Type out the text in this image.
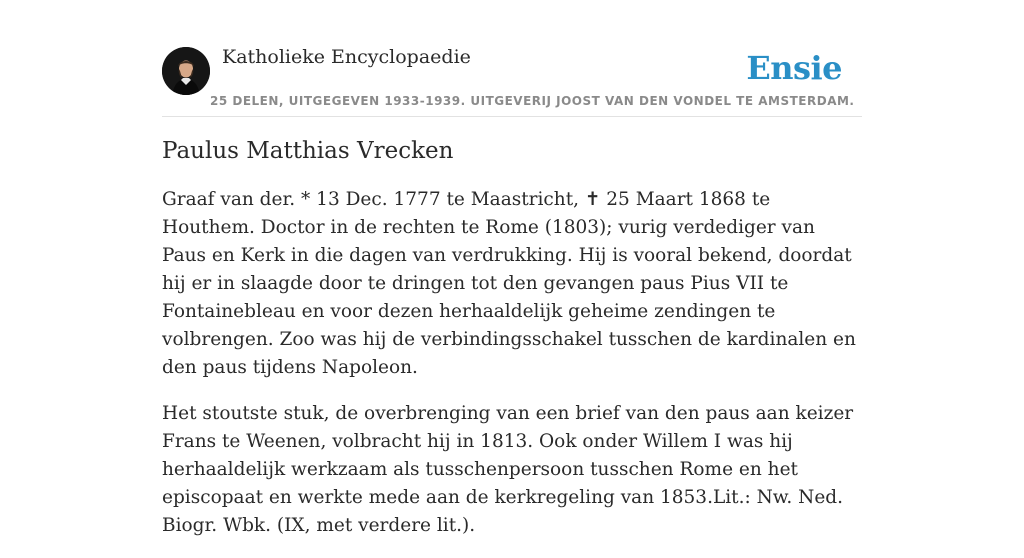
Katholieke Encyclopaedie	Ensie
25 DELEN, UITGEGEVEN 1933-1939. UITGEVERIJ JOOST VAN DEN VONDEL TE AMSTERDAM.
Paulus Matthias Vrecken

Graaf van der. * 13 Dec. 1777 te Maastricht, ✝ 25 Maart 1868 te Houthem. Doctor in de rechten te Rome (1803); vurig verdediger van Paus en Kerk in die dagen van verdrukking. Hij is vooral bekend, doordat hij er in slaagde door te dringen tot den gevangen paus Pius VII te Fontainebleau en voor dezen herhaaldelijk geheime zendingen te volbrengen. Zoo was hij de verbindingsschakel tusschen de kardinalen en den paus tijdens Napoleon.

Het stoutste stuk, de overbrenging van een brief van den paus aan keizer Frans te Weenen, volbracht hij in 1813. Ook onder Willem I was hij herhaaldelijk werkzaam als tusschenpersoon tusschen Rome en het episcopaat en werkte mede aan de kerkregeling van 1853.Lit.: Nw. Ned. Biogr. Wbk. (IX, met verdere lit.).
